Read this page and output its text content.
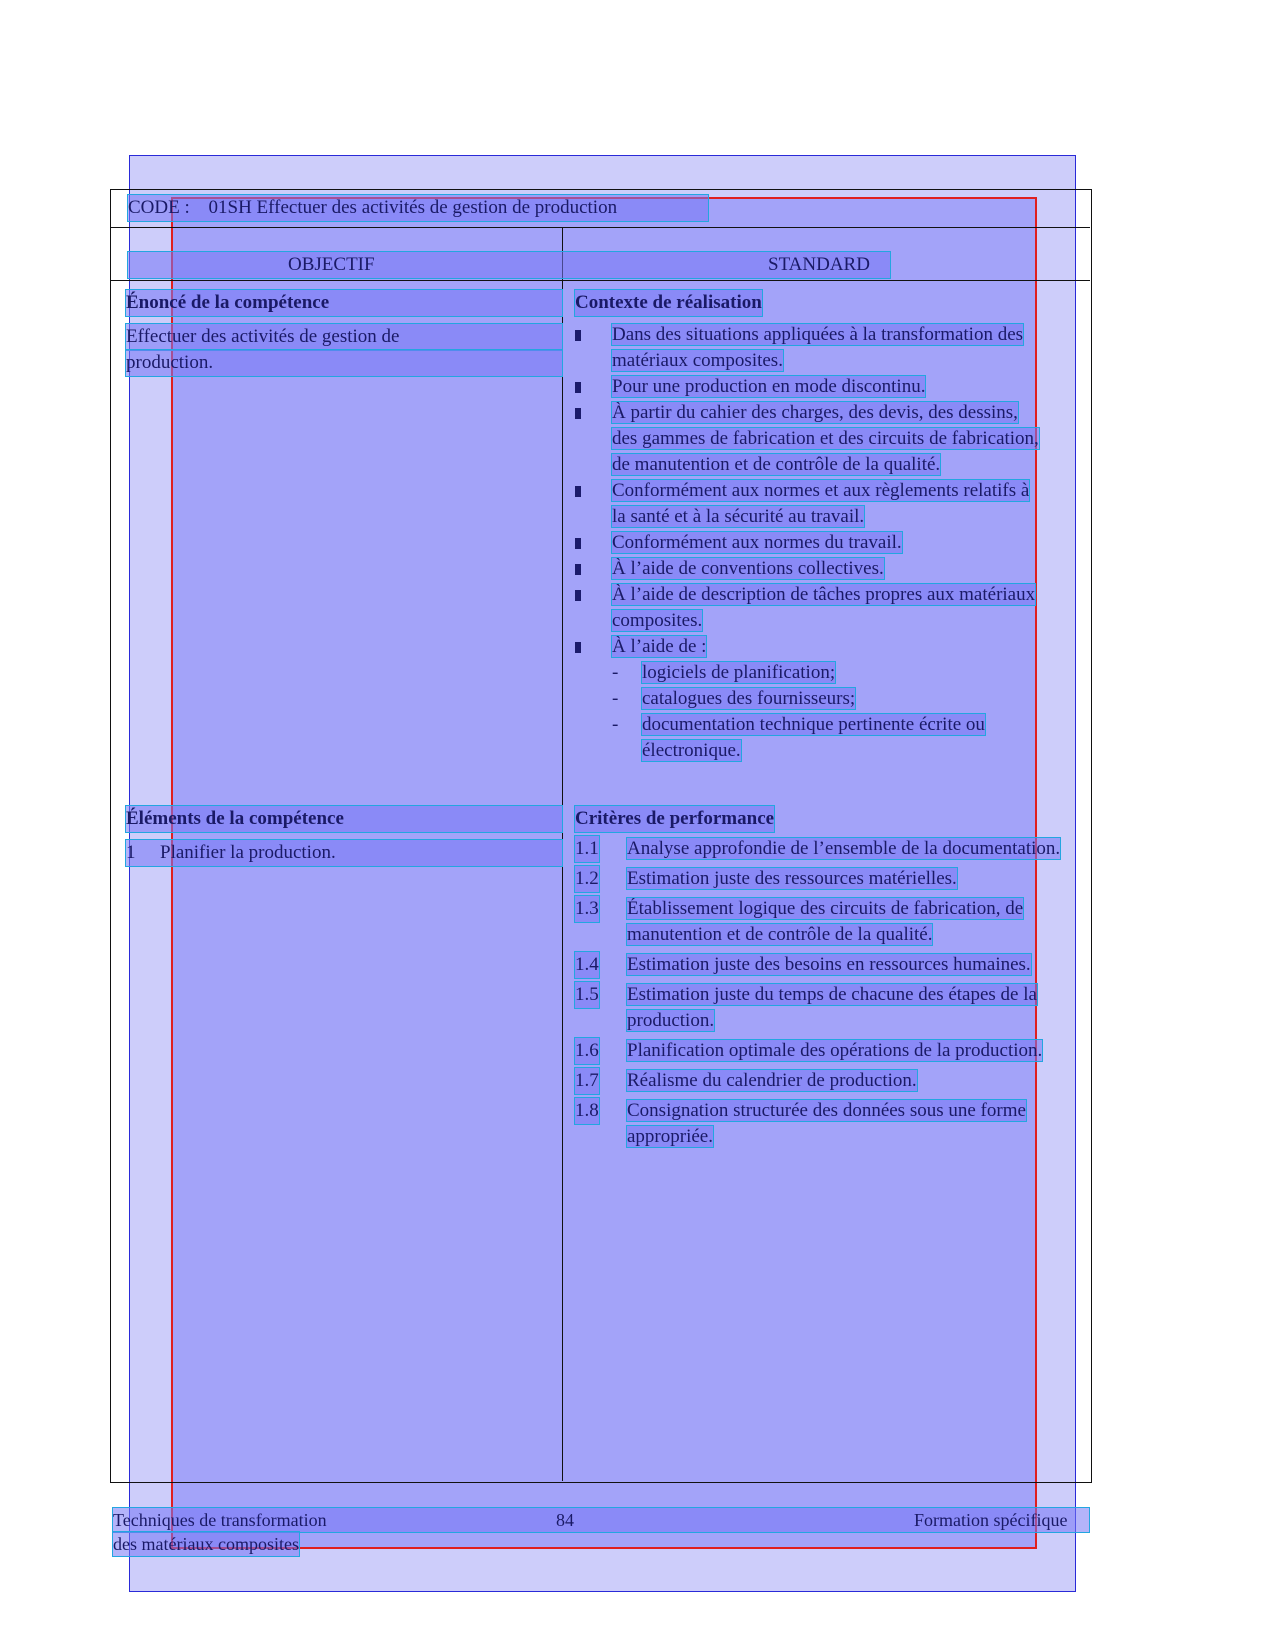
CODE : 01SH Effectuer des activités de gestion de production
OBJECTIF	STANDARD
Énoncé de la compétence
Effectuer des activités de gestion de
production.
Contexte de réalisation
Dans des situations appliquées à la transformation des matériaux composites.
Pour une production en mode discontinu.
À partir du cahier des charges, des devis, des dessins, des gammes de fabrication et des circuits de fabrication, de manutention et de contrôle de la qualité.
Conformément aux normes et aux règlements relatifs à la santé et à la sécurité au travail.
Conformément aux normes du travail.
À l’aide de conventions collectives.
À l’aide de description de tâches propres aux matériaux composites.
À l’aide de :
- logiciels de planification;
- catalogues des fournisseurs;
- documentation technique pertinente écrite ou électronique.
Éléments de la compétence
1 Planifier la production.
Critères de performance
1.1 Analyse approfondie de l’ensemble de la documentation.
1.2 Estimation juste des ressources matérielles.
1.3 Établissement logique des circuits de fabrication, de manutention et de contrôle de la qualité.
1.4 Estimation juste des besoins en ressources humaines.
1.5 Estimation juste du temps de chacune des étapes de la production.
1.6 Planification optimale des opérations de la production.
1.7 Réalisme du calendrier de production.
1.8 Consignation structurée des données sous une forme appropriée.
Techniques de transformation
des matériaux composites
84	Formation spécifique
